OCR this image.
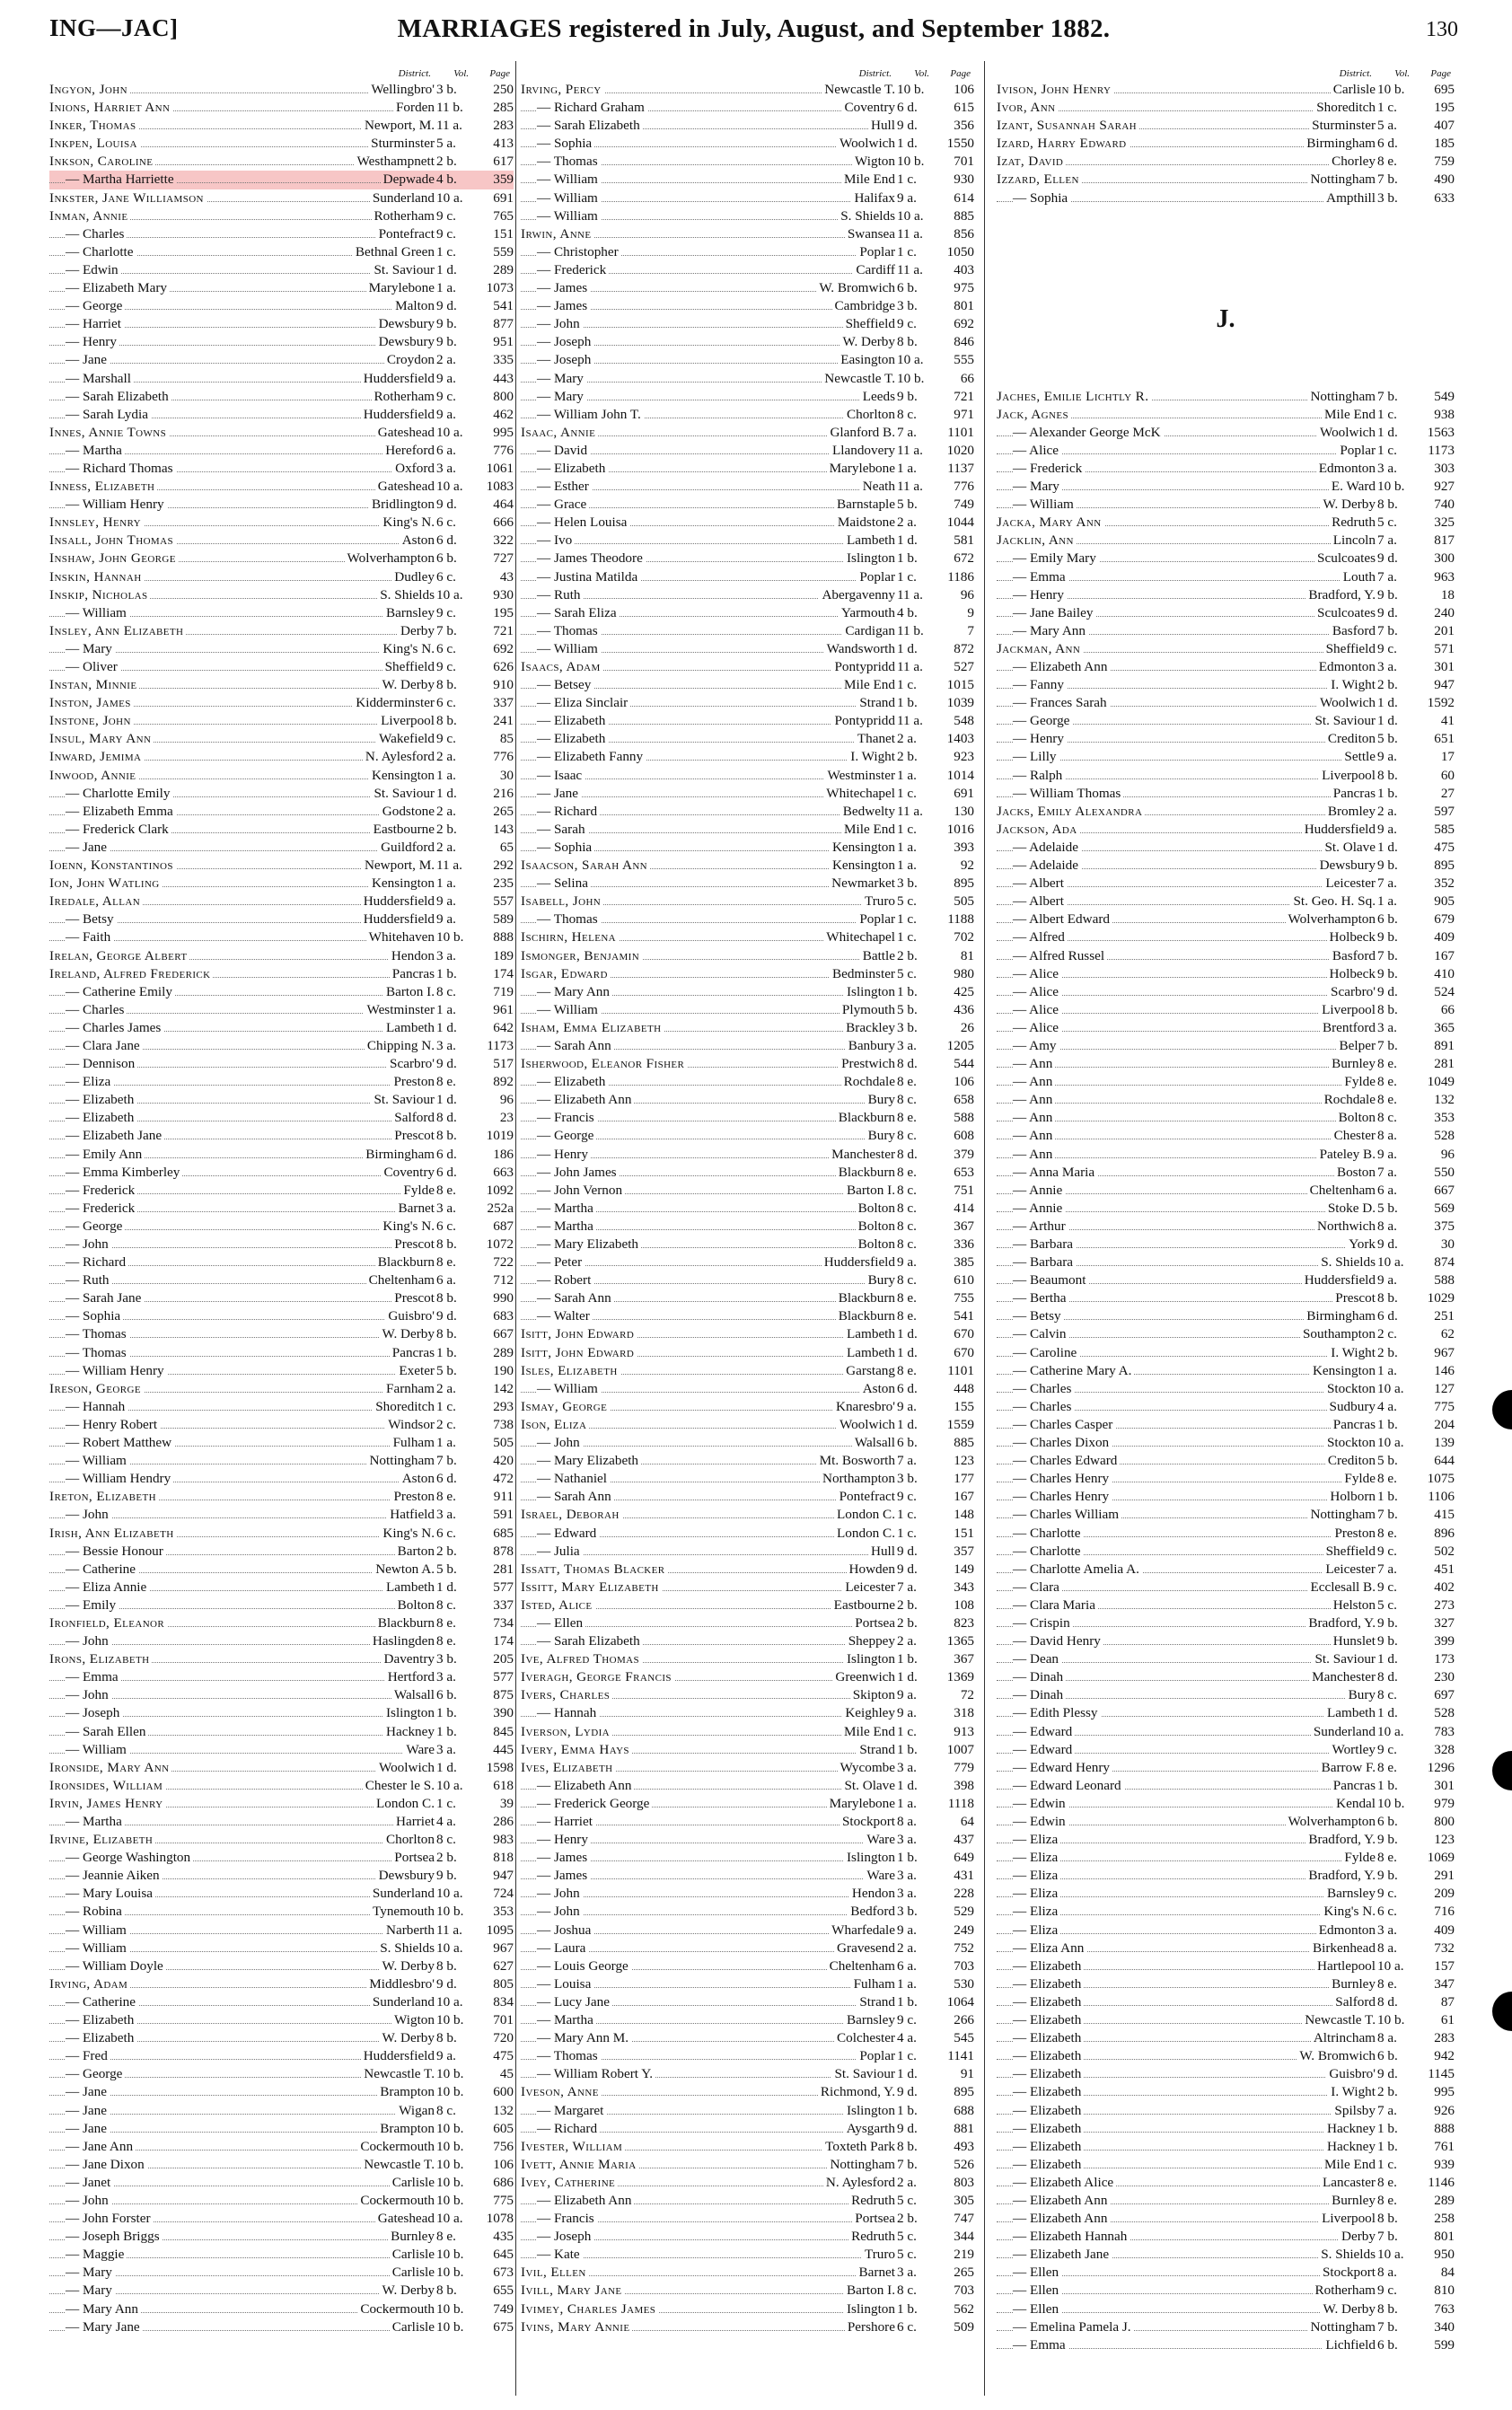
ING—JAC]	MARRIAGES registered in July, August, and September 1882.	130
District. Vol. Page
Ingyon, John	Wellingbro' 3 b.	250
Inions, Harriet Ann	Forden 11 b.	285
Inker, Thomas	Newport, M. 11 a.	283
Inkpen, Louisa	Sturminster 5 a.	413
Inkson, Caroline	Westhampnett 2 b.	617
— Martha Harriette	Depwade 4 b.	359
Inkster, Jane Williamson	Sunderland 10 a.	691
Inman, Annie	Rotherham 9 c.	765
— Charles	Pontefract 9 c.	151
— Charlotte	Bethnal Green 1 c.	559
— Edwin	St. Saviour 1 d.	289
— Elizabeth Mary	Marylebone 1 a.	1073
— George	Malton 9 d.	541
— Harriet	Dewsbury 9 b.	877
— Henry	Dewsbury 9 b.	951
— Jane	Croydon 2 a.	335
— Marshall	Huddersfield 9 a.	443
— Sarah Elizabeth	Rotherham 9 c.	800
— Sarah Lydia	Huddersfield 9 a.	462
Innes, Annie Towns	Gateshead 10 a.	995
— Martha	Hereford 6 a.	776
— Richard Thomas	Oxford 3 a.	1061
Inness, Elizabeth	Gateshead 10 a.	1083
— William Henry	Bridlington 9 d.	464
Innsley, Henry	King's N. 6 c.	666
Insall, John Thomas	Aston 6 d.	322
Inshaw, John George	Wolverhampton 6 b.	727
Inskin, Hannah	Dudley 6 c.	43
Inskip, Nicholas	S. Shields 10 a.	930
— William	Barnsley 9 c.	195
Insley, Ann Elizabeth	Derby 7 b.	721
— Mary	King's N. 6 c.	692
— Oliver	Sheffield 9 c.	626
Instan, Minnie	W. Derby 8 b.	910
Inston, James	Kidderminster 6 c.	337
Instone, John	Liverpool 8 b.	241
Insul, Mary Ann	Wakefield 9 c.	85
Inward, Jemima	N. Aylesford 2 a.	776
Inwood, Annie	Kensington 1 a.	30
— Charlotte Emily	St. Saviour 1 d.	216
— Elizabeth Emma	Godstone 2 a.	265
— Frederick Clark	Eastbourne 2 b.	143
— Jane	Guildford 2 a.	65
Ioenn, Konstantinos	Newport, M. 11 a.	292
Ion, John Watling	Kensington 1 a.	235
Iredale, Allan	Huddersfield 9 a.	557
— Betsy	Huddersfield 9 a.	589
— Faith	Whitehaven 10 b.	888
Irelan, George Albert	Hendon 3 a.	189
Ireland, Alfred Frederick	Pancras 1 b.	174
— Catherine Emily	Barton I. 8 c.	719
— Charles	Westminster 1 a.	961
— Charles James	Lambeth 1 d.	642
— Clara Jane	Chipping N. 3 a.	1173
— Dennison	Scarbro' 9 d.	517
— Eliza	Preston 8 e.	892
— Elizabeth	St. Saviour 1 d.	96
— Elizabeth	Salford 8 d.	23
— Elizabeth Jane	Prescot 8 b.	1019
— Emily Ann	Birmingham 6 d.	186
— Emma Kimberley	Coventry 6 d.	663
— Frederick	Fylde 8 e.	1092
— Frederick	Barnet 3 a.	252a
— George	King's N. 6 c.	687
— John	Prescot 8 b.	1072
— Richard	Blackburn 8 e.	722
— Ruth	Cheltenham 6 a.	712
— Sarah Jane	Prescot 8 b.	990
— Sophia	Guisbro' 9 d.	683
— Thomas	W. Derby 8 b.	667
— Thomas	Pancras 1 b.	289
— William Henry	Exeter 5 b.	190
Ireson, George	Farnham 2 a.	142
— Hannah	Shoreditch 1 c.	293
— Henry Robert	Windsor 2 c.	738
— Robert Matthew	Fulham 1 a.	505
— William	Nottingham 7 b.	420
— William Hendry	Aston 6 d.	472
Ireton, Elizabeth	Preston 8 e.	911
— John	Hatfield 3 a.	591
Irish, Ann Elizabeth	King's N. 6 c.	685
— Bessie Honour	Barton 2 b.	878
— Catherine	Newton A. 5 b.	281
— Eliza Annie	Lambeth 1 d.	577
— Emily	Bolton 8 c.	337
Ironfield, Eleanor	Blackburn 8 e.	734
— John	Haslingden 8 e.	174
Irons, Elizabeth	Daventry 3 b.	205
— Emma	Hertford 3 a.	577
— John	Walsall 6 b.	875
— Joseph	Islington 1 b.	390
— Sarah Ellen	Hackney 1 b.	845
— William	Ware 3 a.	445
Ironside, Mary Ann	Woolwich 1 d.	1598
Ironsides, William	Chester le S. 10 a.	618
Irvin, James Henry	London C. 1 c.	39
— Martha	Harriet 4 a.	286
Irvine, Elizabeth	Chorlton 8 c.	983
— George Washington	Portsea 2 b.	818
— Jeannie Aiken	Dewsbury 9 b.	947
— Mary Louisa	Sunderland 10 a.	724
— Robina	Tynemouth 10 b.	353
— William	Narberth 11 a.	1095
— William	S. Shields 10 a.	967
— William Doyle	W. Derby 8 b.	627
Irving, Adam	Middlesbro' 9 d.	805
— Catherine	Sunderland 10 a.	834
— Elizabeth	Wigton 10 b.	701
— Elizabeth	W. Derby 8 b.	720
— Fred	Huddersfield 9 a.	475
— George	Newcastle T. 10 b.	45
— Jane	Brampton 10 b.	600
— Jane	Wigan 8 c.	132
— Jane	Brampton 10 b.	605
— Jane Ann	Cockermouth 10 b.	756
— Jane Dixon	Newcastle T. 10 b.	106
— Janet	Carlisle 10 b.	686
— John	Cockermouth 10 b.	775
— John Forster	Gateshead 10 a.	1078
— Joseph Briggs	Burnley 8 e.	435
— Maggie	Carlisle 10 b.	645
— Mary	Carlisle 10 b.	673
— Mary	W. Derby 8 b.	655
— Mary Ann	Cockermouth 10 b.	749
— Mary Jane	Carlisle 10 b.	675
District. Vol. Page
Irving, Percy	Newcastle T. 10 b.	106
— Richard Graham	Coventry 6 d.	615
— Sarah Elizabeth	Hull 9 d.	356
— Sophia	Woolwich 1 d.	1550
— Thomas	Wigton 10 b.	701
— William	Mile End 1 c.	930
— William	Halifax 9 a.	614
— William	S. Shields 10 a.	885
Irwin, Anne	Swansea 11 a.	856
— Christopher	Poplar 1 c.	1050
— Frederick	Cardiff 11 a.	403
— James	W. Bromwich 6 b.	975
— James	Cambridge 3 b.	801
— John	Sheffield 9 c.	692
— Joseph	W. Derby 8 b.	846
— Joseph	Easington 10 a.	555
— Mary	Newcastle T. 10 b.	66
— Mary	Leeds 9 b.	721
— William John T.	Chorlton 8 c.	971
Isaac, Annie	Glanford B. 7 a.	1101
— David	Llandovery 11 a.	1020
— Elizabeth	Marylebone 1 a.	1137
— Esther	Neath 11 a.	776
— Grace	Barnstaple 5 b.	749
— Helen Louisa	Maidstone 2 a.	1044
— Ivo	Lambeth 1 d.	581
— James Theodore	Islington 1 b.	672
— Justina Matilda	Poplar 1 c.	1186
— Ruth	Abergavenny 11 a.	96
— Sarah Eliza	Yarmouth 4 b.	9
— Thomas	Cardigan 11 b.	7
— William	Wandsworth 1 d.	872
Isaacs, Adam	Pontypridd 11 a.	527
— Betsey	Mile End 1 c.	1015
— Eliza Sinclair	Strand 1 b.	1039
— Elizabeth	Pontypridd 11 a.	548
— Elizabeth	Thanet 2 a.	1403
— Elizabeth Fanny	I. Wight 2 b.	923
— Isaac	Westminster 1 a.	1014
— Jane	Whitechapel 1 c.	691
— Richard	Bedwelty 11 a.	130
— Sarah	Mile End 1 c.	1016
— Sophia	Kensington 1 a.	393
Isaacson, Sarah Ann	Kensington 1 a.	92
— Selina	Newmarket 3 b.	895
Isabell, John	Truro 5 c.	505
— Thomas	Poplar 1 c.	1188
Ischirn, Helena	Whitechapel 1 c.	702
Ismonger, Benjamin	Battle 2 b.	81
Isgar, Edward	Bedminster 5 c.	980
— Mary Ann	Islington 1 b.	425
— William	Plymouth 5 b.	436
Isham, Emma Elizabeth	Brackley 3 b.	26
— Sarah Ann	Banbury 3 a.	1205
Isherwood, Eleanor Fisher	Prestwich 8 d.	544
— Elizabeth	Rochdale 8 e.	106
— Elizabeth Ann	Bury 8 c.	658
— Francis	Blackburn 8 e.	588
— George	Bury 8 c.	608
— Henry	Manchester 8 d.	379
— John James	Blackburn 8 e.	653
— John Vernon	Barton I. 8 c.	751
— Martha	Bolton 8 c.	414
— Martha	Bolton 8 c.	367
— Mary Elizabeth	Bolton 8 c.	336
— Peter	Huddersfield 9 a.	385
— Robert	Bury 8 c.	610
— Sarah Ann	Blackburn 8 e.	755
— Walter	Blackburn 8 e.	541
Isitt, John Edward	Lambeth 1 d.	670
Isitt, John Edward	Lambeth 1 d.	670
Isles, Elizabeth	Garstang 8 e.	1101
— William	Aston 6 d.	448
Ismay, George	Knaresbro' 9 a.	155
Ison, Eliza	Woolwich 1 d.	1559
— John	Walsall 6 b.	885
— Mary Elizabeth	Mt. Bosworth 7 a.	123
— Nathaniel	Northampton 3 b.	177
— Sarah Ann	Pontefract 9 c.	167
Israel, Deborah	London C. 1 c.	148
— Edward	London C. 1 c.	151
— Julia	Hull 9 d.	357
Issatt, Thomas Blacker	Howden 9 d.	149
Issitt, Mary Elizabeth	Leicester 7 a.	343
Isted, Alice	Eastbourne 2 b.	108
— Ellen	Portsea 2 b.	823
— Sarah Elizabeth	Sheppey 2 a.	1365
Ive, Alfred Thomas	Islington 1 b.	367
Iveragh, George Francis	Greenwich 1 d.	1369
Ivers, Charles	Skipton 9 a.	72
— Hannah	Keighley 9 a.	318
Iverson, Lydia	Mile End 1 c.	913
Ivery, Emma Hays	Strand 1 b.	1007
Ives, Elizabeth	Wycombe 3 a.	779
— Elizabeth Ann	St. Olave 1 d.	398
— Frederick George	Marylebone 1 a.	1118
— Harriet	Stockport 8 a.	64
— Henry	Ware 3 a.	437
— James	Islington 1 b.	649
— James	Ware 3 a.	431
— John	Hendon 3 a.	228
— John	Bedford 3 b.	529
— Joshua	Wharfedale 9 a.	249
— Laura	Gravesend 2 a.	752
— Louis George	Cheltenham 6 a.	703
— Louisa	Fulham 1 a.	530
— Lucy Jane	Strand 1 b.	1064
— Martha	Barnsley 9 c.	266
— Mary Ann M.	Colchester 4 a.	545
— Thomas	Poplar 1 c.	1141
— William Robert Y.	St. Saviour 1 d.	91
Iveson, Anne	Richmond, Y. 9 d.	895
— Margaret	Islington 1 b.	688
— Richard	Aysgarth 9 d.	881
Ivester, William	Toxteth Park 8 b.	493
Ivett, Annie Maria	Nottingham 7 b.	526
Ivey, Catherine	N. Aylesford 2 a.	803
— Elizabeth Ann	Redruth 5 c.	305
— Francis	Portsea 2 b.	747
— Joseph	Redruth 5 c.	344
— Kate	Truro 5 c.	219
Ivil, Ellen	Barnet 3 a.	265
Ivill, Mary Jane	Barton I. 8 c.	703
Ivimey, Charles James	Islington 1 b.	562
Ivins, Mary Annie	Pershore 6 c.	509
District. Vol. Page
Ivison, John Henry	Carlisle 10 b.	695
Ivor, Ann	Shoreditch 1 c.	195
Izant, Susannah Sarah	Sturminster 5 a.	407
Izard, Harry Edward	Birmingham 6 d.	185
Izat, David	Chorley 8 e.	759
Izzard, Ellen	Nottingham 7 b.	490
— Sophia	Ampthill 3 b.	633
Jaches, Emilie Lichtly R.	Nottingham 7 b.	549
Jack, Agnes	Mile End 1 c.	938
— Alexander George McK	Woolwich 1 d.	1563
— Alice	Poplar 1 c.	1173
— Frederick	Edmonton 3 a.	303
— Mary	E. Ward 10 b.	927
— William	W. Derby 8 b.	740
Jacka, Mary Ann	Redruth 5 c.	325
Jacklin, Ann	Lincoln 7 a.	817
— Emily Mary	Sculcoates 9 d.	300
— Emma	Louth 7 a.	963
— Henry	Bradford, Y. 9 b.	18
— Jane Bailey	Sculcoates 9 d.	240
— Mary Ann	Basford 7 b.	201
Jackman, Ann	Sheffield 9 c.	571
— Elizabeth Ann	Edmonton 3 a.	301
— Fanny	I. Wight 2 b.	947
— Frances Sarah	Woolwich 1 d.	1592
— George	St. Saviour 1 d.	41
— Henry	Crediton 5 b.	651
— Lilly	Settle 9 a.	17
— Ralph	Liverpool 8 b.	60
— William Thomas	Pancras 1 b.	27
Jacks, Emily Alexandra	Bromley 2 a.	597
Jackson, Ada	Huddersfield 9 a.	585
— Adelaide	St. Olave 1 d.	475
— Adelaide	Dewsbury 9 b.	895
— Albert	Leicester 7 a.	352
— Albert	St. Geo. H. Sq. 1 a.	905
— Albert Edward	Wolverhampton 6 b.	679
— Alfred	Holbeck 9 b.	409
— Alfred Russel	Basford 7 b.	167
— Alice	Holbeck 9 b.	410
— Alice	Scarbro' 9 d.	524
— Alice	Liverpool 8 b.	66
— Alice	Brentford 3 a.	365
— Amy	Belper 7 b.	891
— Ann	Burnley 8 e.	281
— Ann	Fylde 8 e.	1049
— Ann	Rochdale 8 e.	132
— Ann	Bolton 8 c.	353
— Ann	Chester 8 a.	528
— Ann	Pateley B. 9 a.	96
— Anna Maria	Boston 7 a.	550
— Annie	Cheltenham 6 a.	667
— Annie	Stoke D. 5 b.	569
— Arthur	Northwich 8 a.	375
— Barbara	York 9 d.	30
— Barbara	S. Shields 10 a.	874
— Beaumont	Huddersfield 9 a.	588
— Bertha	Prescot 8 b.	1029
— Betsy	Birmingham 6 d.	251
— Calvin	Southampton 2 c.	62
— Caroline	I. Wight 2 b.	967
— Catherine Mary A.	Kensington 1 a.	146
— Charles	Stockton 10 a.	127
— Charles	Sudbury 4 a.	775
— Charles Casper	Pancras 1 b.	204
— Charles Dixon	Stockton 10 a.	139
— Charles Edward	Crediton 5 b.	644
— Charles Henry	Fylde 8 e.	1075
— Charles Henry	Holborn 1 b.	1106
— Charles William	Nottingham 7 b.	415
— Charlotte	Preston 8 e.	896
— Charlotte	Sheffield 9 c.	502
— Charlotte Amelia A.	Leicester 7 a.	451
— Clara	Ecclesall B. 9 c.	402
— Clara Maria	Helston 5 c.	273
— Crispin	Bradford, Y. 9 b.	327
— David Henry	Hunslet 9 b.	399
— Dean	St. Saviour 1 d.	173
— Dinah	Manchester 8 d.	230
— Dinah	Bury 8 c.	697
— Edith Plessy	Lambeth 1 d.	528
— Edward	Sunderland 10 a.	783
— Edward	Wortley 9 c.	328
— Edward Henry	Barrow F. 8 e.	1296
— Edward Leonard	Pancras 1 b.	301
— Edwin	Kendal 10 b.	979
— Edwin	Wolverhampton 6 b.	800
— Eliza	Bradford, Y. 9 b.	123
— Eliza	Fylde 8 e.	1069
— Eliza	Bradford, Y. 9 b.	291
— Eliza	Barnsley 9 c.	209
— Eliza	King's N. 6 c.	716
— Eliza	Edmonton 3 a.	409
— Eliza Ann	Birkenhead 8 a.	732
— Elizabeth	Hartlepool 10 a.	157
— Elizabeth	Burnley 8 e.	347
— Elizabeth	Salford 8 d.	87
— Elizabeth	Newcastle T. 10 b.	61
— Elizabeth	Altrincham 8 a.	283
— Elizabeth	W. Bromwich 6 b.	942
— Elizabeth	Guisbro' 9 d.	1145
— Elizabeth	I. Wight 2 b.	995
— Elizabeth	Spilsby 7 a.	926
— Elizabeth	Hackney 1 b.	888
— Elizabeth	Hackney 1 b.	761
— Elizabeth	Mile End 1 c.	939
— Elizabeth Alice	Lancaster 8 e.	1146
— Elizabeth Ann	Burnley 8 e.	289
— Elizabeth Ann	Liverpool 8 b.	258
— Elizabeth Hannah	Derby 7 b.	801
— Elizabeth Jane	S. Shields 10 a.	950
— Ellen	Stockport 8 a.	84
— Ellen	Rotherham 9 c.	810
— Ellen	W. Derby 8 b.	763
— Emelina Pamela J.	Nottingham 7 b.	340
— Emma	Lichfield 6 b.	599
J.
